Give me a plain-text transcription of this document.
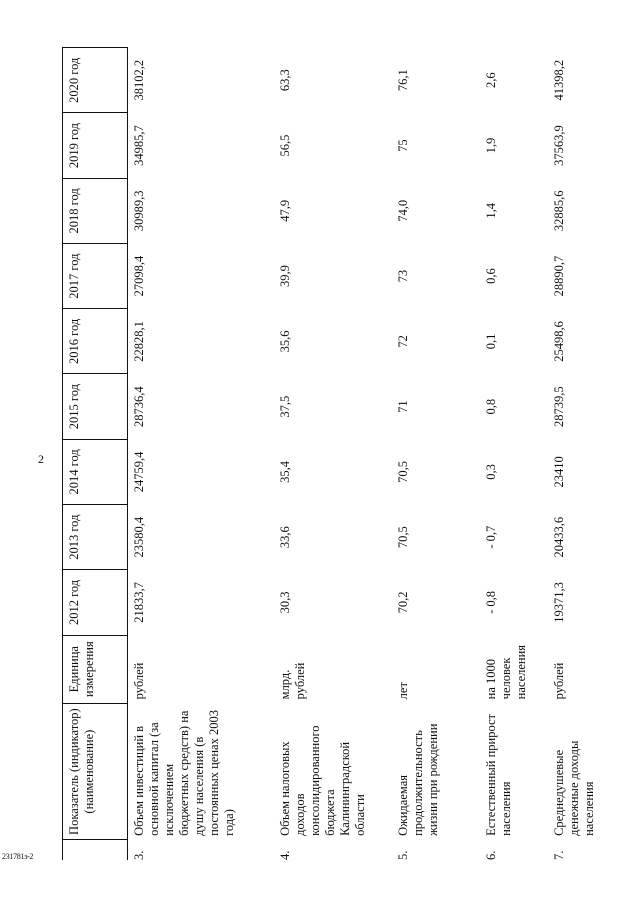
2
	Показатель (индикатор) (наименование)	Единица измерения	2012 год	2013 год	2014 год	2015 год	2016 год	2017 год	2018 год	2019 год	2020 год
3.	Объем инвестиций в основной капитал (за исключением бюджетных средств) на душу населения (в постоянных ценах 2003 года)	рублей	21833,7	23580,4	24759,4	28736,4	22828,1	27098,4	30989,3	34985,7	38102,2
4.	Объем налоговых доходов консолидированного бюджета Калининградской области	млрд. рублей	30,3	33,6	35,4	37,5	35,6	39,9	47,9	56,5	63,3
5.	Ожидаемая продолжительность жизни при рождении	лет	70,2	70,5	70,5	71	72	73	74,0	75	76,1
6.	Естественный прирост населения	на 1000 человек населения	- 0,8	- 0,7	0,3	0,8	0,1	0,6	1,4	1,9	2,6
7.	Среднедушевые денежные доходы населения	рублей	19371,3	20433,6	23410	28739,5	25498,6	28890,7	32885,6	37563,9	41398,2
231781з-2
